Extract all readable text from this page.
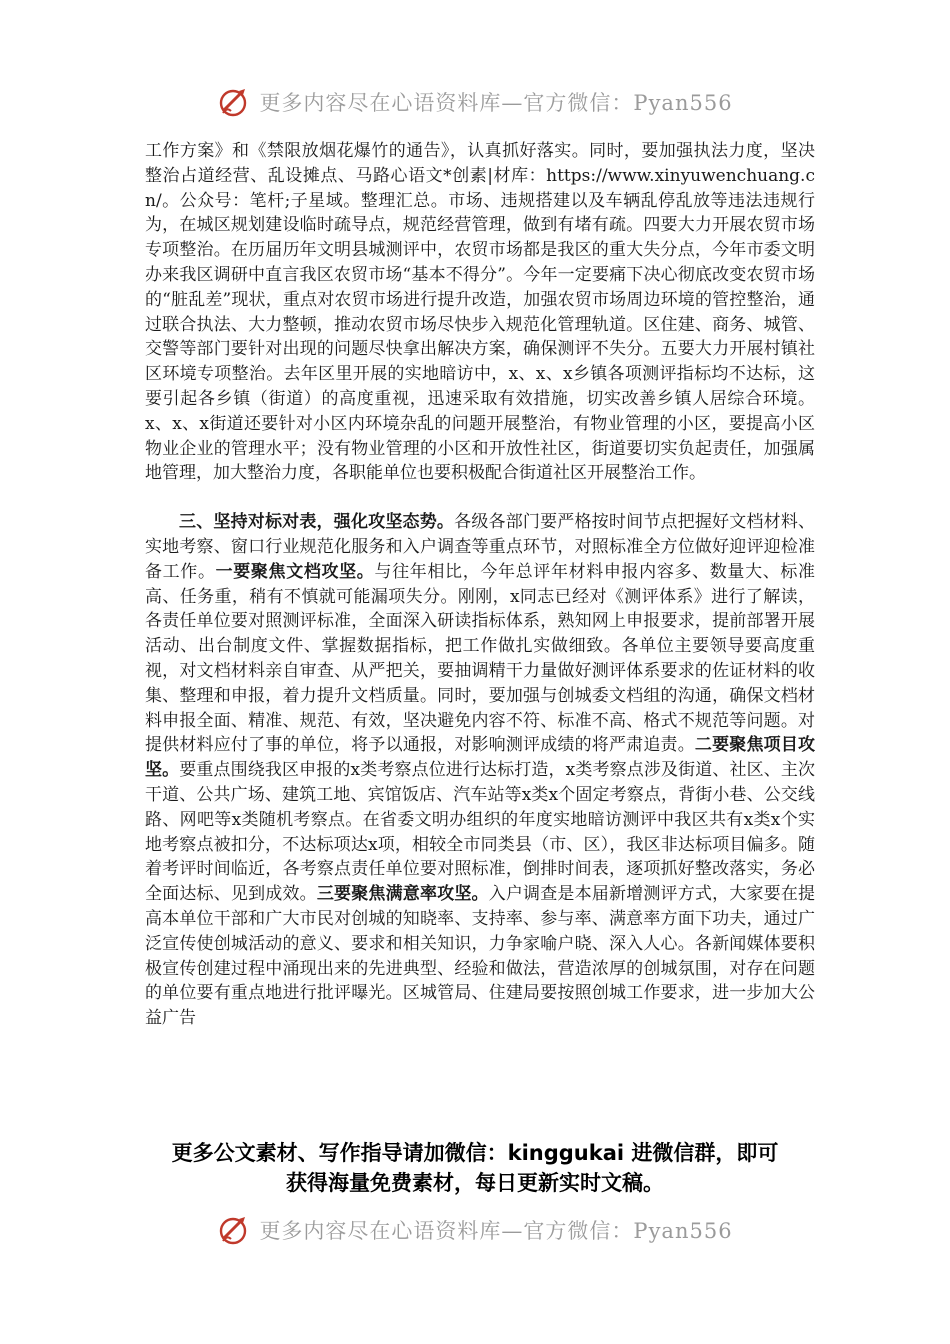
更多内容尽在心语资料库—官方微信：Pyan556

工作方案》和《禁限放烟花爆竹的通告》，认真抓好落实。同时，要加强执法力度，坚决整治占道经营、乱设摊点、马路心语文*创素|材库：https://www.xinyuwenchuang.cn/。公众号：笔杆;子星域。整理汇总。市场、违规搭建以及车辆乱停乱放等违法违规行为，在城区规划建设临时疏导点，规范经营管理，做到有堵有疏。四要大力开展农贸市场专项整治。在历届历年文明县城测评中，农贸市场都是我区的重大失分点，今年市委文明办来我区调研中直言我区农贸市场“基本不得分”。今年一定要痛下决心彻底改变农贸市场的“脏乱差”现状，重点对农贸市场进行提升改造，加强农贸市场周边环境的管控整治，通过联合执法、大力整顿，推动农贸市场尽快步入规范化管理轨道。区住建、商务、城管、交警等部门要针对出现的问题尽快拿出解决方案，确保测评不失分。五要大力开展村镇社区环境专项整治。去年区里开展的实地暗访中，x、x、x乡镇各项测评指标均不达标，这要引起各乡镇（街道）的高度重视，迅速采取有效措施，切实改善乡镇人居综合环境。x、x、x街道还要针对小区内环境杂乱的问题开展整治，有物业管理的小区，要提高小区物业企业的管理水平；没有物业管理的小区和开放性社区，街道要切实负起责任，加强属地管理，加大整治力度，各职能单位也要积极配合街道社区开展整治工作。

三、坚持对标对表，强化攻坚态势。各级各部门要严格按时间节点把握好文档材料、实地考察、窗口行业规范化服务和入户调查等重点环节，对照标准全方位做好迎评迎检准备工作。一要聚焦文档攻坚。与往年相比，今年总评年材料申报内容多、数量大、标准高、任务重，稍有不慎就可能漏项失分。刚刚，x同志已经对《测评体系》进行了解读，各责任单位要对照测评标准，全面深入研读指标体系，熟知网上申报要求，提前部署开展活动、出台制度文件、掌握数据指标，把工作做扎实做细致。各单位主要领导要高度重视，对文档材料亲自审查、从严把关，要抽调精干力量做好测评体系要求的佐证材料的收集、整理和申报，着力提升文档质量。同时，要加强与创城委文档组的沟通，确保文档材料申报全面、精准、规范、有效，坚决避免内容不符、标准不高、格式不规范等问题。对提供材料应付了事的单位，将予以通报，对影响测评成绩的将严肃追责。二要聚焦项目攻坚。要重点围绕我区申报的x类考察点位进行达标打造，x类考察点涉及街道、社区、主次干道、公共广场、建筑工地、宾馆饭店、汽车站等x类x个固定考察点，背街小巷、公交线路、网吧等x类随机考察点。在省委文明办组织的年度实地暗访测评中我区共有x类x个实地考察点被扣分，不达标项达x项，相较全市同类县（市、区），我区非达标项目偏多。随着考评时间临近，各考察点责任单位要对照标准，倒排时间表，逐项抓好整改落实，务必全面达标、见到成效。三要聚焦满意率攻坚。入户调查是本届新增测评方式，大家要在提高本单位干部和广大市民对创城的知晓率、支持率、参与率、满意率方面下功夫，通过广泛宣传使创城活动的意义、要求和相关知识，力争家喻户晓、深入人心。各新闻媒体要积极宣传创建过程中涌现出来的先进典型、经验和做法，营造浓厚的创城氛围，对存在问题的单位要有重点地进行批评曝光。区城管局、住建局要按照创城工作要求，进一步加大公益广告

更多公文素材、写作指导请加微信：kinggukai 进微信群，即可
获得海量免费素材，每日更新实时文稿。
更多内容尽在心语资料库—官方微信：Pyan556
